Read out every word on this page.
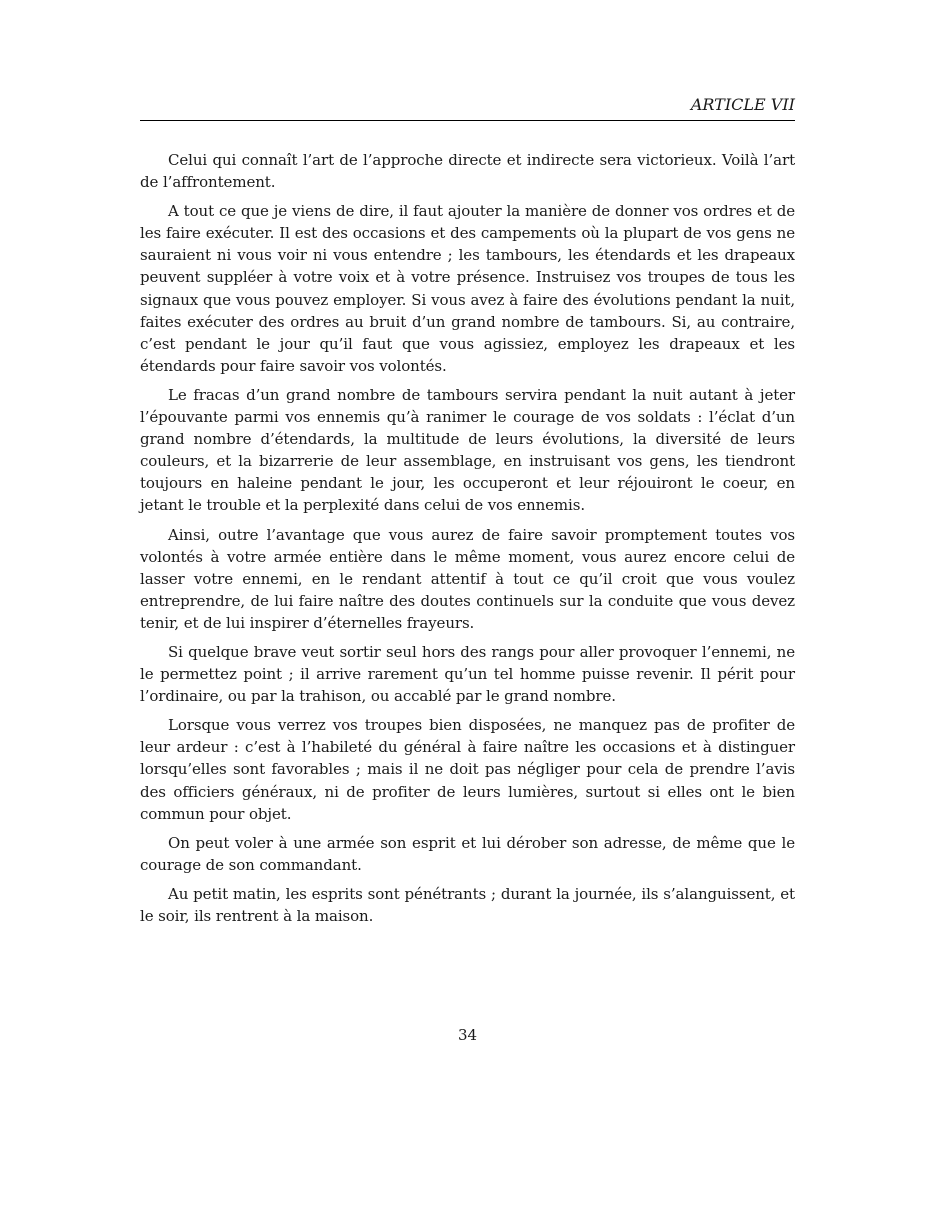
ARTICLE VII

Celui qui connaît l’art de l’approche directe et indirecte sera victorieux. Voilà l’art de l’affrontement.

A tout ce que je viens de dire, il faut ajouter la manière de donner vos ordres et de les faire exécuter. Il est des occasions et des campements où la plupart de vos gens ne sauraient ni vous voir ni vous entendre ; les tambours, les étendards et les drapeaux peuvent suppléer à votre voix et à votre présence. Instruisez vos troupes de tous les signaux que vous pouvez employer. Si vous avez à faire des évolutions pendant la nuit, faites exécuter des ordres au bruit d’un grand nombre de tambours. Si, au contraire, c’est pendant le jour qu’il faut que vous agissiez, employez les drapeaux et les étendards pour faire savoir vos volontés.

Le fracas d’un grand nombre de tambours servira pendant la nuit autant à jeter l’épouvante parmi vos ennemis qu’à ranimer le courage de vos soldats : l’éclat d’un grand nombre d’étendards, la multitude de leurs évolutions, la diversité de leurs couleurs, et la bizarrerie de leur assemblage, en instruisant vos gens, les tiendront toujours en haleine pendant le jour, les occuperont et leur réjouiront le coeur, en jetant le trouble et la perplexité dans celui de vos ennemis.

Ainsi, outre l’avantage que vous aurez de faire savoir promptement toutes vos volontés à votre armée entière dans le même moment, vous aurez encore celui de lasser votre ennemi, en le rendant attentif à tout ce qu’il croit que vous voulez entreprendre, de lui faire naître des doutes continuels sur la conduite que vous devez tenir, et de lui inspirer d’éternelles frayeurs.

Si quelque brave veut sortir seul hors des rangs pour aller provoquer l’ennemi, ne le permettez point ; il arrive rarement qu’un tel homme puisse revenir. Il périt pour l’ordinaire, ou par la trahison, ou accablé par le grand nombre.

Lorsque vous verrez vos troupes bien disposées, ne manquez pas de profiter de leur ardeur : c’est à l’habileté du général à faire naître les occasions et à distinguer lorsqu’elles sont favorables ; mais il ne doit pas négliger pour cela de prendre l’avis des officiers généraux, ni de profiter de leurs lumières, surtout si elles ont le bien commun pour objet.

On peut voler à une armée son esprit et lui dérober son adresse, de même que le courage de son commandant.

Au petit matin, les esprits sont pénétrants ; durant la journée, ils s’alanguissent, et le soir, ils rentrent à la maison.

34
